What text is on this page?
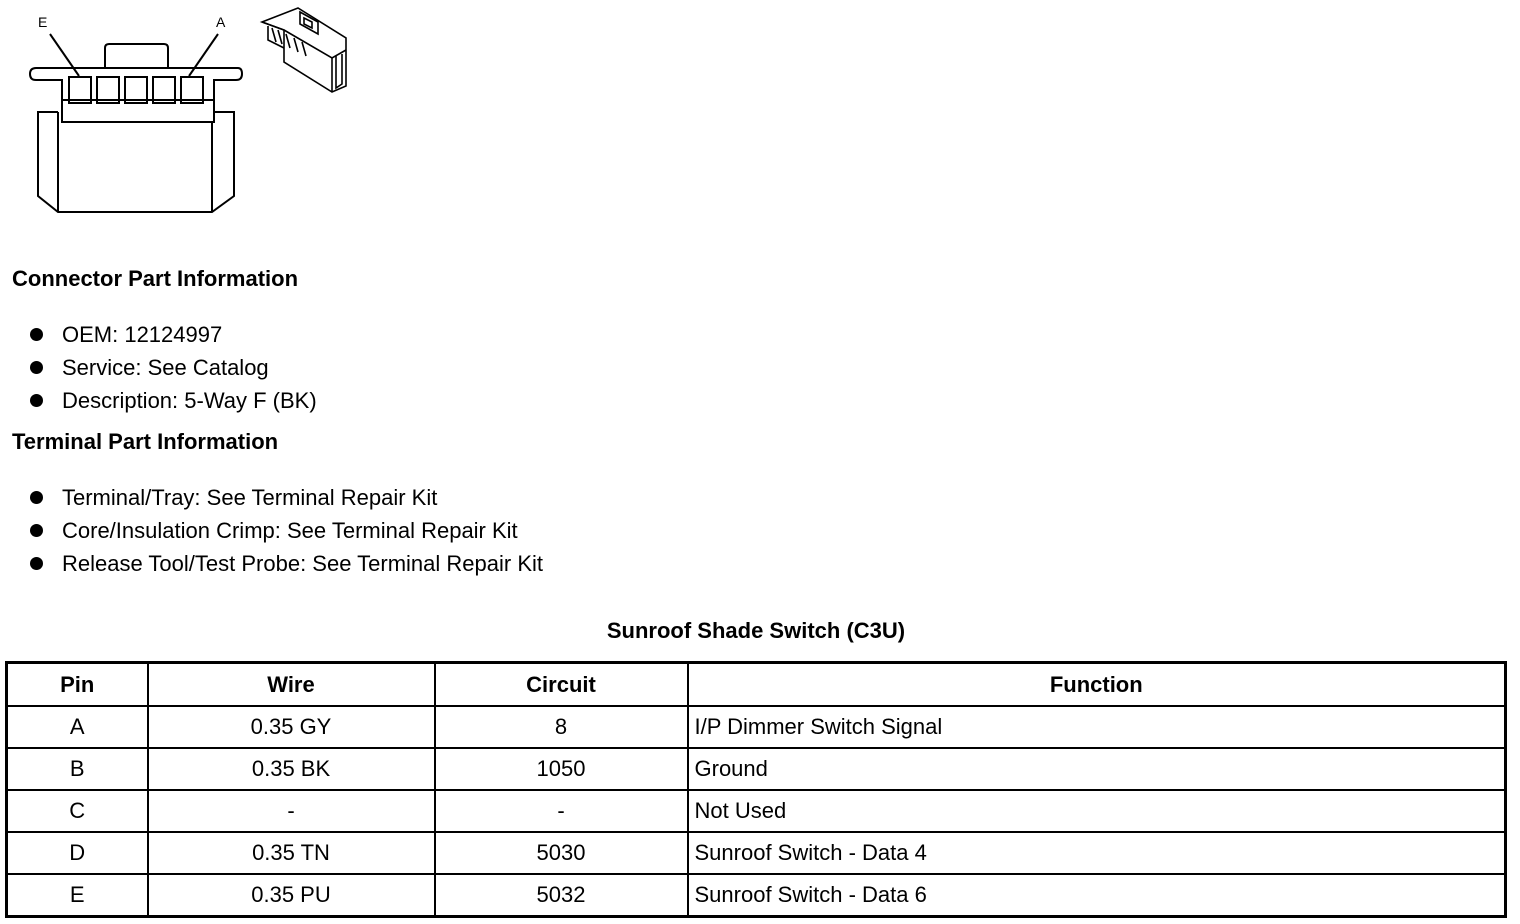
E	A
Connector Part Information
OEM: 12124997
Service: See Catalog
Description: 5-Way F (BK)
Terminal Part Information
Terminal/Tray: See Terminal Repair Kit
Core/Insulation Crimp: See Terminal Repair Kit
Release Tool/Test Probe: See Terminal Repair Kit
Sunroof Shade Switch (C3U)
Pin	Wire	Circuit	Function
A	0.35 GY	8	I/P Dimmer Switch Signal
B	0.35 BK	1050	Ground
C	-	-	Not Used
D	0.35 TN	5030	Sunroof Switch - Data 4
E	0.35 PU	5032	Sunroof Switch - Data 6
